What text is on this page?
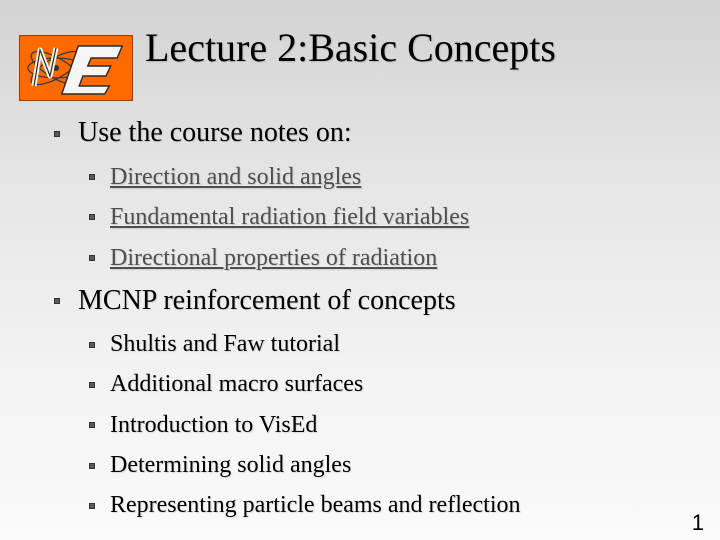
Lecture 2:Basic Concepts
Use the course notes on:
Direction and solid angles
Fundamental radiation field variables
Directional properties of radiation
MCNP reinforcement of concepts
Shultis and Faw tutorial
Additional macro surfaces
Introduction to VisEd
Determining solid angles
Representing particle beams and reflection
1
